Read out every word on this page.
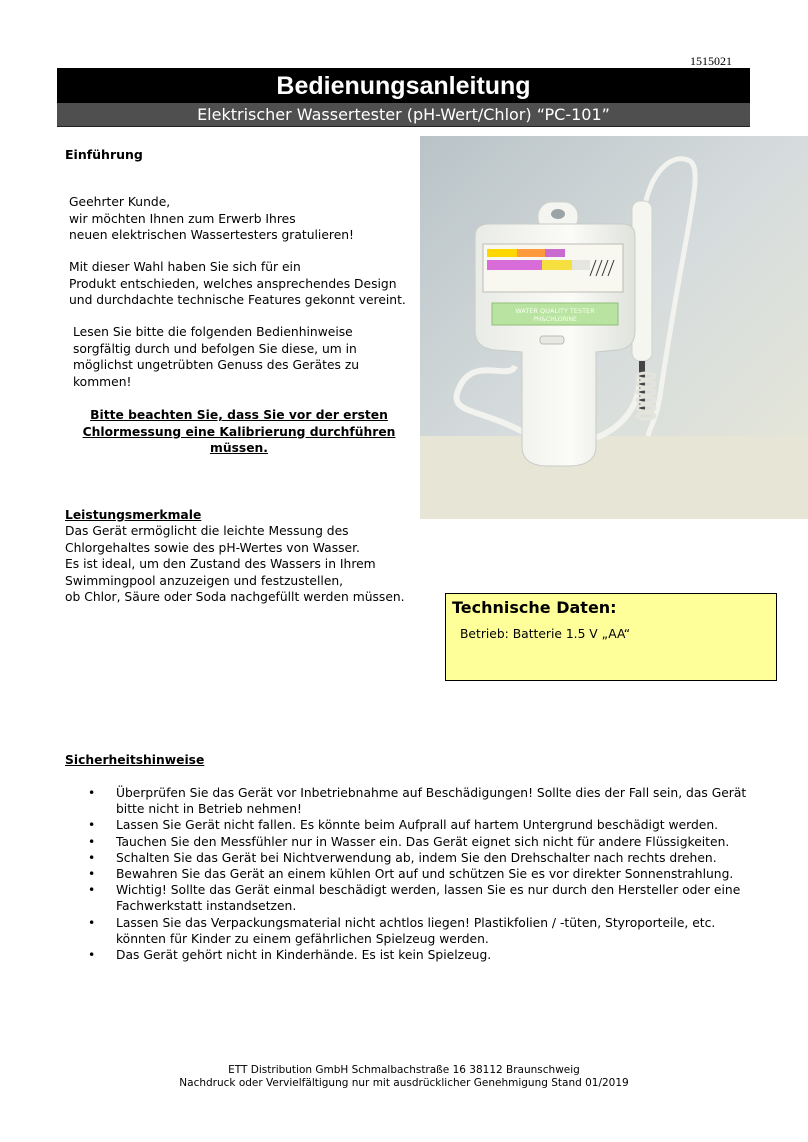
1515021
Bedienungsanleitung
Elektrischer Wassertester (pH-Wert/Chlor) “PC-101”
Einführung
Geehrter Kunde,
wir möchten Ihnen zum Erwerb Ihres
neuen elektrischen Wassertesters gratulieren!
Mit dieser Wahl haben Sie sich für ein
Produkt entschieden, welches ansprechendes Design
und durchdachte technische Features gekonnt vereint.
Lesen Sie bitte die folgenden Bedienhinweise
sorgfältig durch und befolgen Sie diese, um in
möglichst ungetrübten Genuss des Gerätes zu
kommen!
Bitte beachten Sie, dass Sie vor der ersten
Chlormessung eine Kalibrierung durchführen
müssen.
WATER QUALITY TESTER
PH&CHLORINE
Leistungsmerkmale
Das Gerät ermöglicht die leichte Messung des
Chlorgehaltes sowie des pH-Wertes von Wasser.
Es ist ideal, um den Zustand des Wassers in Ihrem
Swimmingpool anzuzeigen und festzustellen,
ob Chlor, Säure oder Soda nachgefüllt werden müssen.
Technische Daten:
Betrieb: Batterie 1.5 V „AA“
Sicherheitshinweise
• Überprüfen Sie das Gerät vor Inbetriebnahme auf Beschädigungen! Sollte dies der Fall sein, das Gerät
bitte nicht in Betrieb nehmen!
• Lassen Sie Gerät nicht fallen. Es könnte beim Aufprall auf hartem Untergrund beschädigt werden.
• Tauchen Sie den Messfühler nur in Wasser ein. Das Gerät eignet sich nicht für andere Flüssigkeiten.
• Schalten Sie das Gerät bei Nichtverwendung ab, indem Sie den Drehschalter nach rechts drehen.
• Bewahren Sie das Gerät an einem kühlen Ort auf und schützen Sie es vor direkter Sonnenstrahlung.
• Wichtig! Sollte das Gerät einmal beschädigt werden, lassen Sie es nur durch den Hersteller oder eine
Fachwerkstatt instandsetzen.
• Lassen Sie das Verpackungsmaterial nicht achtlos liegen! Plastikfolien / -tüten, Styroporteile, etc.
könnten für Kinder zu einem gefährlichen Spielzeug werden.
• Das Gerät gehört nicht in Kinderhände. Es ist kein Spielzeug.
ETT Distribution GmbH Schmalbachstraße 16 38112 Braunschweig
Nachdruck oder Vervielfältigung nur mit ausdrücklicher Genehmigung Stand 01/2019
